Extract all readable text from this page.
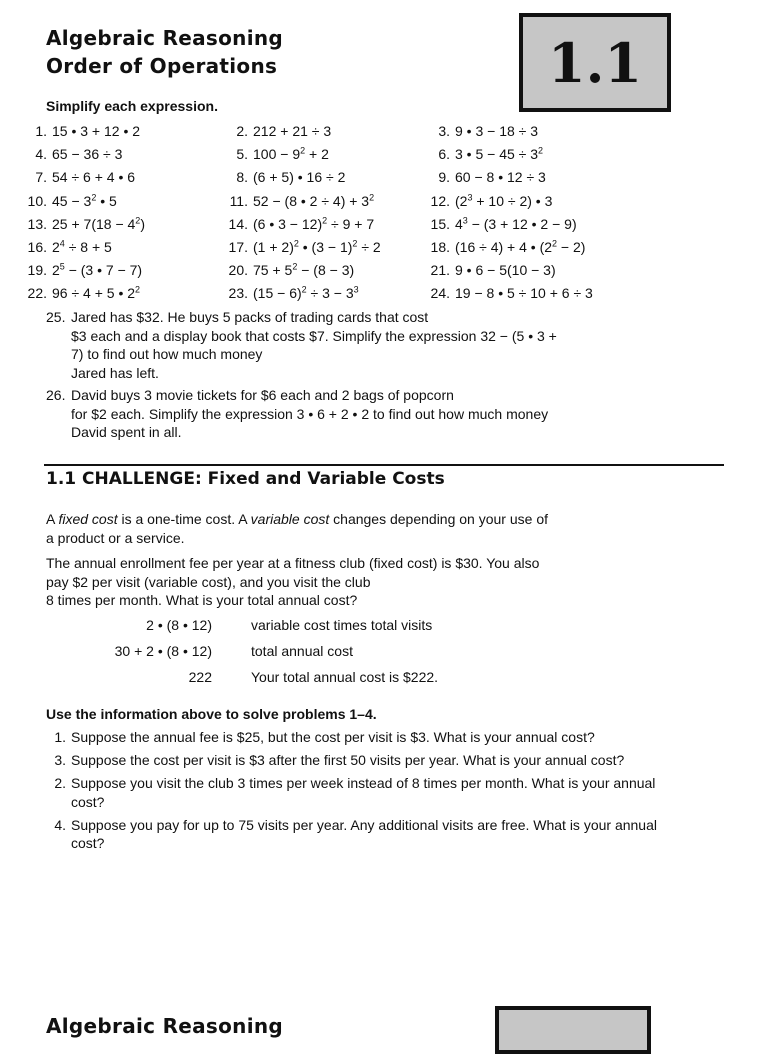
Algebraic Reasoning
Order of Operations	1.1
Simplify each expression.
1. 15 • 3 + 12 • 2	2. 212 + 21 ÷ 3	3. 9 • 3 − 18 ÷ 3
4. 65 − 36 ÷ 3	5. $100 - 9^2 + 2$	6. 3 • $5 - 45 \div 3^2$
7. 54 ÷ 6 + 4 • 6	8. (6 + 5) • 16 ÷ 2	9. 60 − 8 • 12 ÷ 3
10. $45 - 3^2$ • 5	11. 52 − (8 • $2 \div 4) + 3^2$	12. $(2^3 + 10 \div 2)$ • 3
13. $25 + 7(18 - 4^2)$	14. (6 • 3 − 12)$^2$ ÷ 9 + 7	15. $4^3 - (3 + 12$ • 2 − 9)
16. $2^4 \div 8 + 5$	17. $(1 + 2)^2$ • $(3 - 1)^2 \div 2$	18. (16 ÷ 4) + 4 • $(2^2 - 2)$
19. $2^5 - (3$ • 7 − 7)	20. $75 + 5^2 - (8 - 3)$	21. 9 • 6 − 5(10 − 3)
22. 96 ÷ 4 + 5 • $2^2$	23. $(15 - 6)^2 \div 3 - 3^3$	24. 19 − 8 • 5 ÷ 10 + 6 ÷ 3
25. Jared has $32. He buys 5 packs of trading cards that cost
$3 each and a display book that costs $7. Simplify the expression 32 − (5 • 3 +
7) to find out how much money
Jared has left.
26. David buys 3 movie tickets for $6 each and 2 bags of popcorn
for $2 each. Simplify the expression 3 • 6 + 2 • 2 to find out how much money
David spent in all.
1.1 CHALLENGE: Fixed and Variable Costs
A fixed cost is a one-time cost. A variable cost changes depending on your use of
a product or a service.
The annual enrollment fee per year at a fitness club (fixed cost) is $30. You also
pay $2 per visit (variable cost), and you visit the club
8 times per month. What is your total annual cost?
2 • (8 • 12)	variable cost times total visits
30 + 2 • (8 • 12)	total annual cost
222	Your total annual cost is $222.
Use the information above to solve problems 1–4.
1. Suppose the annual fee is $25, but the cost per visit is $3. What is your annual cost?
3. Suppose the cost per visit is $3 after the first 50 visits per year. What is your annual cost?
2. Suppose you visit the club 3 times per week instead of 8 times per month. What is your annual
cost?
4. Suppose you pay for up to 75 visits per year. Any additional visits are free. What is your annual
cost?
Algebraic Reasoning
